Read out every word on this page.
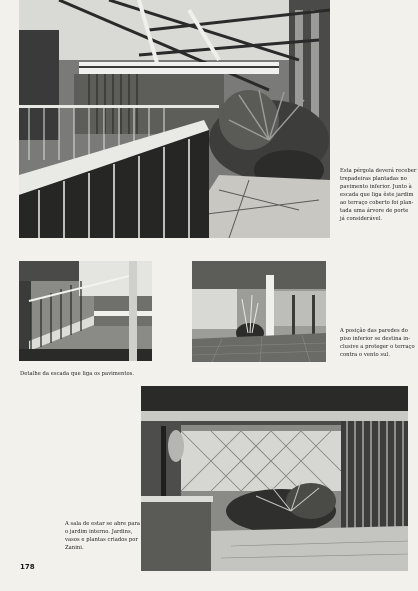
Esta pérgola deverá receber
trepadeiras plantadas no
pavimento inferior. Junto à
escada que liga êste jardim
ao terraço coberto foi plan-
tada uma árvore de porte
já considerável.
Detalhe da escada que liga os pavimentos.
A posição das paredes do
piso inferior se destina in-
clusive a proteger o terraço
contra o vento sul.
A sala de estar se abre para
o jardim interno. Jardins,
vasos e plantas criados por
Zanini.
178
